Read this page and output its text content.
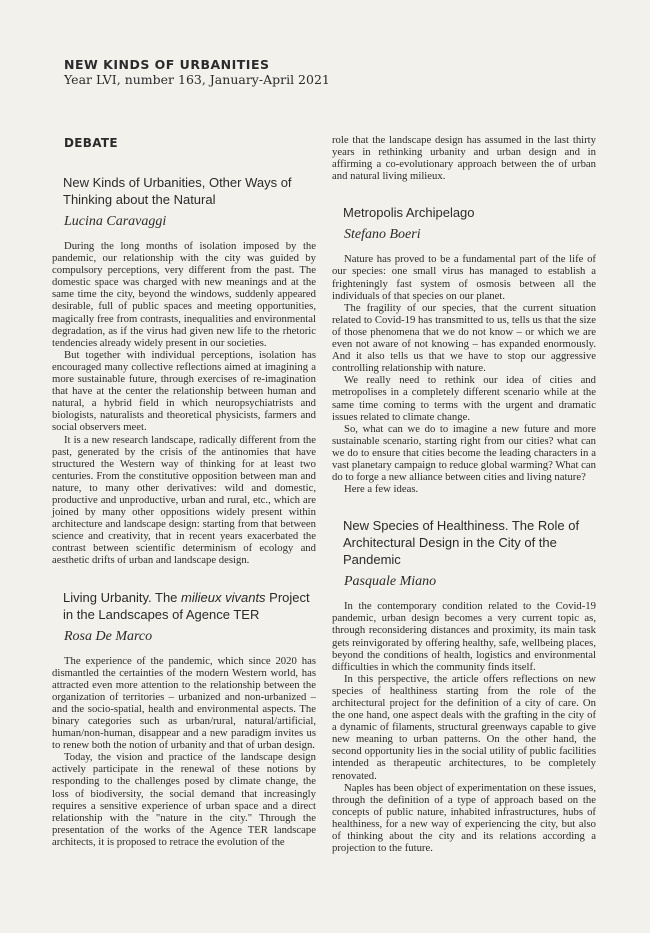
NEW KINDS OF URBANITIES
Year LVI, number 163, January-April 2021
DEBATE
New Kinds of Urbanities, Other Ways of Thinking about the Natural
Lucina Caravaggi

During the long months of isolation imposed by the pandemic, our relationship with the city was guided by compulsory perceptions, very different from the past. The domestic space was charged with new meanings and at the same time the city, beyond the windows, suddenly appeared desirable, full of public spaces and meeting opportunities, magically free from contrasts, inequalities and environmental degradation, as if the virus had given new life to the rhetoric tendencies already widely present in our societies.

But together with individual perceptions, isolation has encouraged many collective reflections aimed at imagining a more sustainable future, through exercises of re-imagination that have at the center the relationship between human and natural, a hybrid field in which neuropsychiatrists and biologists, naturalists and theoretical physicists, farmers and social observers meet.

It is a new research landscape, radically different from the past, generated by the crisis of the antinomies that have structured the Western way of thinking for at least two centuries. From the constitutive opposition between man and nature, to many other derivatives: wild and domestic, productive and unproductive, urban and rural, etc., which are joined by many other oppositions widely present within architecture and landscape design: starting from that between science and creativity, that in recent years exacerbated the contrast between scientific determinism of ecology and aesthetic drifts of urban and landscape design.

Living Urbanity. The milieux vivants Project in the Landscapes of Agence TER
Rosa De Marco

The experience of the pandemic, which since 2020 has dismantled the certainties of the modern Western world, has attracted even more attention to the relationship between the organization of territories – urbanized and non-urbanized – and the socio-spatial, health and environmental aspects. The binary categories such as urban/rural, natural/artificial, human/non-human, disappear and a new paradigm invites us to renew both the notion of urbanity and that of urban design.

Today, the vision and practice of the landscape design actively participate in the renewal of these notions by responding to the challenges posed by climate change, the loss of biodiversity, the social demand that increasingly requires a sensitive experience of urban space and a direct relationship with the "nature in the city." Through the presentation of the works of the Agence TER landscape architects, it is proposed to retrace the evolution of the

role that the landscape design has assumed in the last thirty years in rethinking urbanity and urban design and in affirming a co-evolutionary approach between the of urban and natural living milieux.

Metropolis Archipelago
Stefano Boeri

Nature has proved to be a fundamental part of the life of our species: one small virus has managed to establish a frighteningly fast system of osmosis between all the individuals of that species on our planet.

The fragility of our species, that the current situation related to Covid-19 has transmitted to us, tells us that the size of those phenomena that we do not know – or which we are even not aware of not knowing – has expanded enormously. And it also tells us that we have to stop our aggressive controlling relationship with nature.

We really need to rethink our idea of cities and metropolises in a completely different scenario while at the same time coming to terms with the urgent and dramatic issues related to climate change.

So, what can we do to imagine a new future and more sustainable scenario, starting right from our cities? what can we do to ensure that cities become the leading characters in a vast planetary campaign to reduce global warming? What can do to forge a new alliance between cities and living nature?

Here a few ideas.

New Species of Healthiness. The Role of Architectural Design in the City of the Pandemic
Pasquale Miano

In the contemporary condition related to the Covid-19 pandemic, urban design becomes a very current topic as, through reconsidering distances and proximity, its main task gets reinvigorated by offering healthy, safe, wellbeing places, beyond the conditions of health, logistics and environmental difficulties in which the community finds itself.

In this perspective, the article offers reflections on new species of healthiness starting from the role of the architectural project for the definition of a city of care. On the one hand, one aspect deals with the grafting in the city of a dynamic of filaments, structural greenways capable to give new meaning to urban patterns. On the other hand, the second opportunity lies in the social utility of public facilities intended as therapeutic architectures, to be completely renovated.

Naples has been object of experimentation on these issues, through the definition of a type of approach based on the concepts of public nature, inhabited infrastructures, hubs of healthiness, for a new way of experiencing the city, but also of thinking about the city and its relations according a projection to the future.
